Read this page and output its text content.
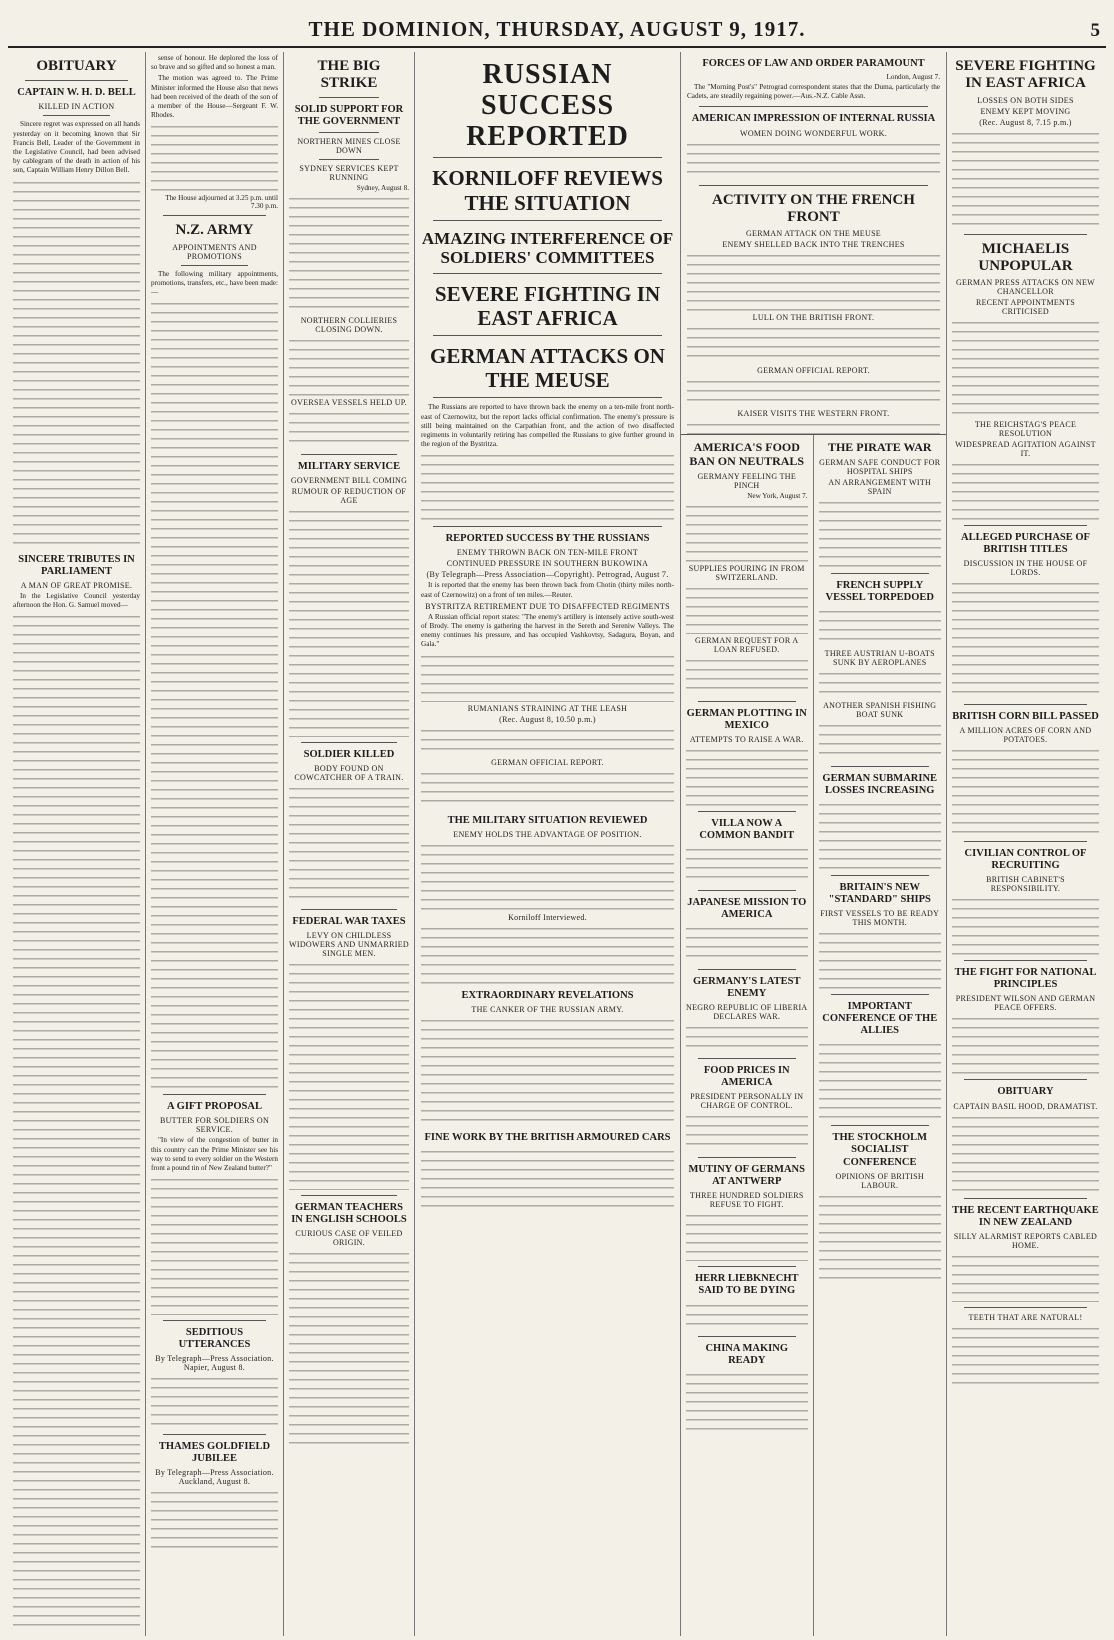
THE DOMINION, THURSDAY, AUGUST 9, 1917.	5
OBITUARY
CAPTAIN W. H. D. BELL
KILLED IN ACTION

Sincere regret was expressed on all hands yesterday on it becoming known that Sir Francis Bell, Leader of the Government in the Legislative Council, had been advised by cablegram of the death in action of his son, Captain William Henry Dillon Bell.

SINCERE TRIBUTES IN PARLIAMENT
A MAN OF GREAT PROMISE.

In the Legislative Council yesterday afternoon the Hon. G. Samuel moved—

sense of honour. He deplored the loss of so brave and so gifted and so honest a man.

The motion was agreed to. The Prime Minister informed the House also that news had been received of the death of the son of a member of the House—Sergeant F. W. Rhodes.

The House adjourned at 3.25 p.m. until 7.30 p.m.
N.Z. ARMY
APPOINTMENTS AND PROMOTIONS

The following military appointments, promotions, transfers, etc., have been made:—

A GIFT PROPOSAL
BUTTER FOR SOLDIERS ON SERVICE.

"In view of the congestion of butter in this country can the Prime Minister see his way to send to every soldier on the Western front a pound tin of New Zealand butter?"

SEDITIOUS UTTERANCES
By Telegraph—Press Association. Napier, August 8.
THAMES GOLDFIELD JUBILEE
By Telegraph—Press Association. Auckland, August 8.
THE BIG STRIKE
SOLID SUPPORT FOR THE GOVERNMENT
NORTHERN MINES CLOSE DOWN
SYDNEY SERVICES KEPT RUNNING
Sydney, August 8.
NORTHERN COLLIERIES CLOSING DOWN.
OVERSEA VESSELS HELD UP.
MILITARY SERVICE
GOVERNMENT BILL COMING
RUMOUR OF REDUCTION OF AGE
SOLDIER KILLED
BODY FOUND ON COWCATCHER OF A TRAIN.
FEDERAL WAR TAXES
LEVY ON CHILDLESS WIDOWERS AND UNMARRIED SINGLE MEN.
GERMAN TEACHERS IN ENGLISH SCHOOLS
CURIOUS CASE OF VEILED ORIGIN.
RUSSIAN SUCCESS REPORTED
KORNILOFF REVIEWS THE SITUATION
AMAZING INTERFERENCE OF SOLDIERS' COMMITTEES
SEVERE FIGHTING IN EAST AFRICA
GERMAN ATTACKS ON THE MEUSE

The Russians are reported to have thrown back the enemy on a ten-mile front north-east of Czernowitz, but the report lacks official confirmation. The enemy's pressure is still being maintained on the Carpathian front, and the action of two disaffected regiments in voluntarily retiring has compelled the Russians to give further ground in the region of the Bystritza.

REPORTED SUCCESS BY THE RUSSIANS
ENEMY THROWN BACK ON TEN-MILE FRONT
CONTINUED PRESSURE IN SOUTHERN BUKOWINA
(By Telegraph—Press Association—Copyright). Petrograd, August 7.

It is reported that the enemy has been thrown back from Chotin (thirty miles north-east of Czernowitz) on a front of ten miles.—Reuter.

BYSTRITZA RETIREMENT DUE TO DISAFFECTED REGIMENTS

A Russian official report states: "The enemy's artillery is intensely active south-west of Brody. The enemy is gathering the harvest in the Sereth and Sereniw Valleys. The enemy continues his pressure, and has occupied Vashkovtsy, Sadagura, Boyan, and Gala."

RUMANIANS STRAINING AT THE LEASH
(Rec. August 8, 10.50 p.m.)
GERMAN OFFICIAL REPORT.
THE MILITARY SITUATION REVIEWED
ENEMY HOLDS THE ADVANTAGE OF POSITION.
Korniloff Interviewed.
EXTRAORDINARY REVELATIONS
THE CANKER OF THE RUSSIAN ARMY.
FINE WORK BY THE BRITISH ARMOURED CARS
FORCES OF LAW AND ORDER PARAMOUNT
London, August 7.

The "Morning Post's" Petrograd correspondent states that the Duma, particularly the Cadets, are steadily regaining power.—Aus.-N.Z. Cable Assn.

AMERICAN IMPRESSION OF INTERNAL RUSSIA
WOMEN DOING WONDERFUL WORK.
ACTIVITY ON THE FRENCH FRONT
GERMAN ATTACK ON THE MEUSE
ENEMY SHELLED BACK INTO THE TRENCHES
LULL ON THE BRITISH FRONT.
GERMAN OFFICIAL REPORT.
KAISER VISITS THE WESTERN FRONT.
AMERICA'S FOOD BAN ON NEUTRALS
GERMANY FEELING THE PINCH
New York, August 7.
SUPPLIES POURING IN FROM SWITZERLAND.
GERMAN REQUEST FOR A LOAN REFUSED.
GERMAN PLOTTING IN MEXICO
ATTEMPTS TO RAISE A WAR.
VILLA NOW A COMMON BANDIT
JAPANESE MISSION TO AMERICA
GERMANY'S LATEST ENEMY
NEGRO REPUBLIC OF LIBERIA DECLARES WAR.
FOOD PRICES IN AMERICA
PRESIDENT PERSONALLY IN CHARGE OF CONTROL.
MUTINY OF GERMANS AT ANTWERP
THREE HUNDRED SOLDIERS REFUSE TO FIGHT.
HERR LIEBKNECHT SAID TO BE DYING
CHINA MAKING READY
THE PIRATE WAR
GERMAN SAFE CONDUCT FOR HOSPITAL SHIPS
AN ARRANGEMENT WITH SPAIN
FRENCH SUPPLY VESSEL TORPEDOED
THREE AUSTRIAN U-BOATS SUNK BY AEROPLANES
ANOTHER SPANISH FISHING BOAT SUNK
GERMAN SUBMARINE LOSSES INCREASING
BRITAIN'S NEW "STANDARD" SHIPS
FIRST VESSELS TO BE READY THIS MONTH.
IMPORTANT CONFERENCE OF THE ALLIES
THE STOCKHOLM SOCIALIST CONFERENCE
OPINIONS OF BRITISH LABOUR.
SEVERE FIGHTING IN EAST AFRICA
LOSSES ON BOTH SIDES
ENEMY KEPT MOVING
(Rec. August 8, 7.15 p.m.)
MICHAELIS UNPOPULAR
GERMAN PRESS ATTACKS ON NEW CHANCELLOR
RECENT APPOINTMENTS CRITICISED
THE REICHSTAG'S PEACE RESOLUTION
WIDESPREAD AGITATION AGAINST IT.
ALLEGED PURCHASE OF BRITISH TITLES
DISCUSSION IN THE HOUSE OF LORDS.
BRITISH CORN BILL PASSED
A MILLION ACRES OF CORN AND POTATOES.
CIVILIAN CONTROL OF RECRUITING
BRITISH CABINET'S RESPONSIBILITY.
THE FIGHT FOR NATIONAL PRINCIPLES
PRESIDENT WILSON AND GERMAN PEACE OFFERS.
OBITUARY
CAPTAIN BASIL HOOD, DRAMATIST.
THE RECENT EARTHQUAKE IN NEW ZEALAND
SILLY ALARMIST REPORTS CABLED HOME.
TEETH THAT ARE NATURAL!
